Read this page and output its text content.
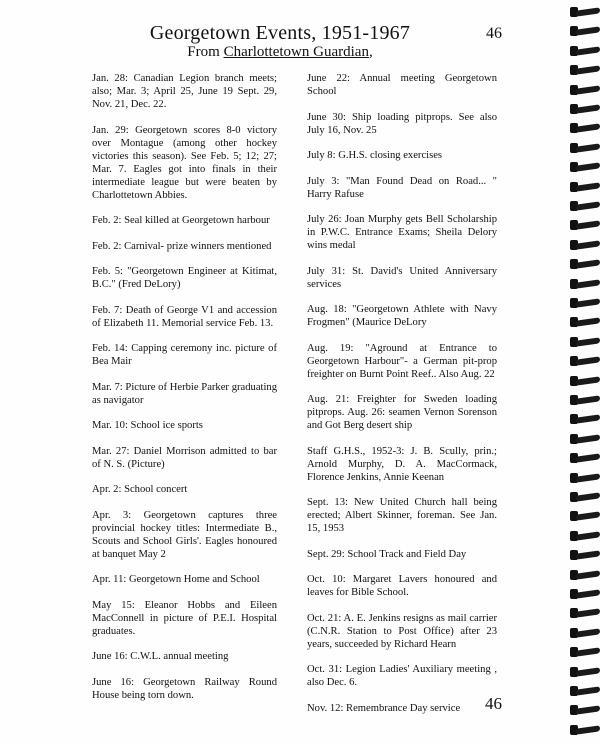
Georgetown Events, 1951-1967
From Charlottetown Guardian,
46

Jan. 28: Canadian Legion branch meets; also; Mar. 3; April 25, June 19 Sept. 29, Nov. 21, Dec. 22.

Jan. 29: Georgetown scores 8-0 victory over Montague (among other hockey victories this season). See Feb. 5; 12; 27; Mar. 7. Eagles got into finals in their intermediate league but were beaten by Charlottetown Abbies.

Feb. 2: Seal killed at Georgetown harbour

Feb. 2: Carnival- prize winners mentioned

Feb. 5: "Georgetown Engineer at Kitimat, B.C." (Fred DeLory)

Feb. 7: Death of George V1 and accession of Elizabeth 11. Memorial service Feb. 13.

Feb. 14: Capping ceremony inc. picture of Bea Mair

Mar. 7: Picture of Herbie Parker graduating as navigator

Mar. 10: School ice sports

Mar. 27: Daniel Morrison admitted to bar of N. S. (Picture)

Apr. 2: School concert

Apr. 3: Georgetown captures three provincial hockey titles: Intermediate B., Scouts and School Girls'. Eagles honoured at banquet May 2

Apr. 11: Georgetown Home and School

May 15: Eleanor Hobbs and Eileen MacConnell in picture of P.E.I. Hospital graduates.

June 16: C.W.L. annual meeting

June 16: Georgetown Railway Round House being torn down.

June 22: Annual meeting Georgetown School

June 30: Ship loading pitprops. See also July 16, Nov. 25

July 8: G.H.S. closing exercises

July 3: "Man Found Dead on Road... " Harry Rafuse

July 26: Joan Murphy gets Bell Scholarship in P.W.C. Entrance Exams; Sheila Delory wins medal

July 31: St. David's United Anniversary services

Aug. 18: "Georgetown Athlete with Navy Frogmen" (Maurice DeLory

Aug. 19: "Aground at Entrance to Georgetown Harbour"- a German pit-prop freighter on Burnt Point Reef.. Also Aug. 22

Aug. 21: Freighter for Sweden loading pitprops. Aug. 26: seamen Vernon Sorenson and Got Berg desert ship

Staff G.H.S., 1952-3: J. B. Scully, prin.; Arnold Murphy, D. A. MacCormack, Florence Jenkins, Annie Keenan

Sept. 13: New United Church hall being erected; Albert Skinner, foreman. See Jan. 15, 1953

Sept. 29: School Track and Field Day

Oct. 10: Margaret Lavers honoured and leaves for Bible School.

Oct. 21: A. E. Jenkins resigns as mail carrier (C.N.R. Station to Post Office) after 23 years, succeeded by Richard Hearn

Oct. 31: Legion Ladies' Auxiliary meeting , also Dec. 6.

Nov. 12: Remembrance Day service	46
